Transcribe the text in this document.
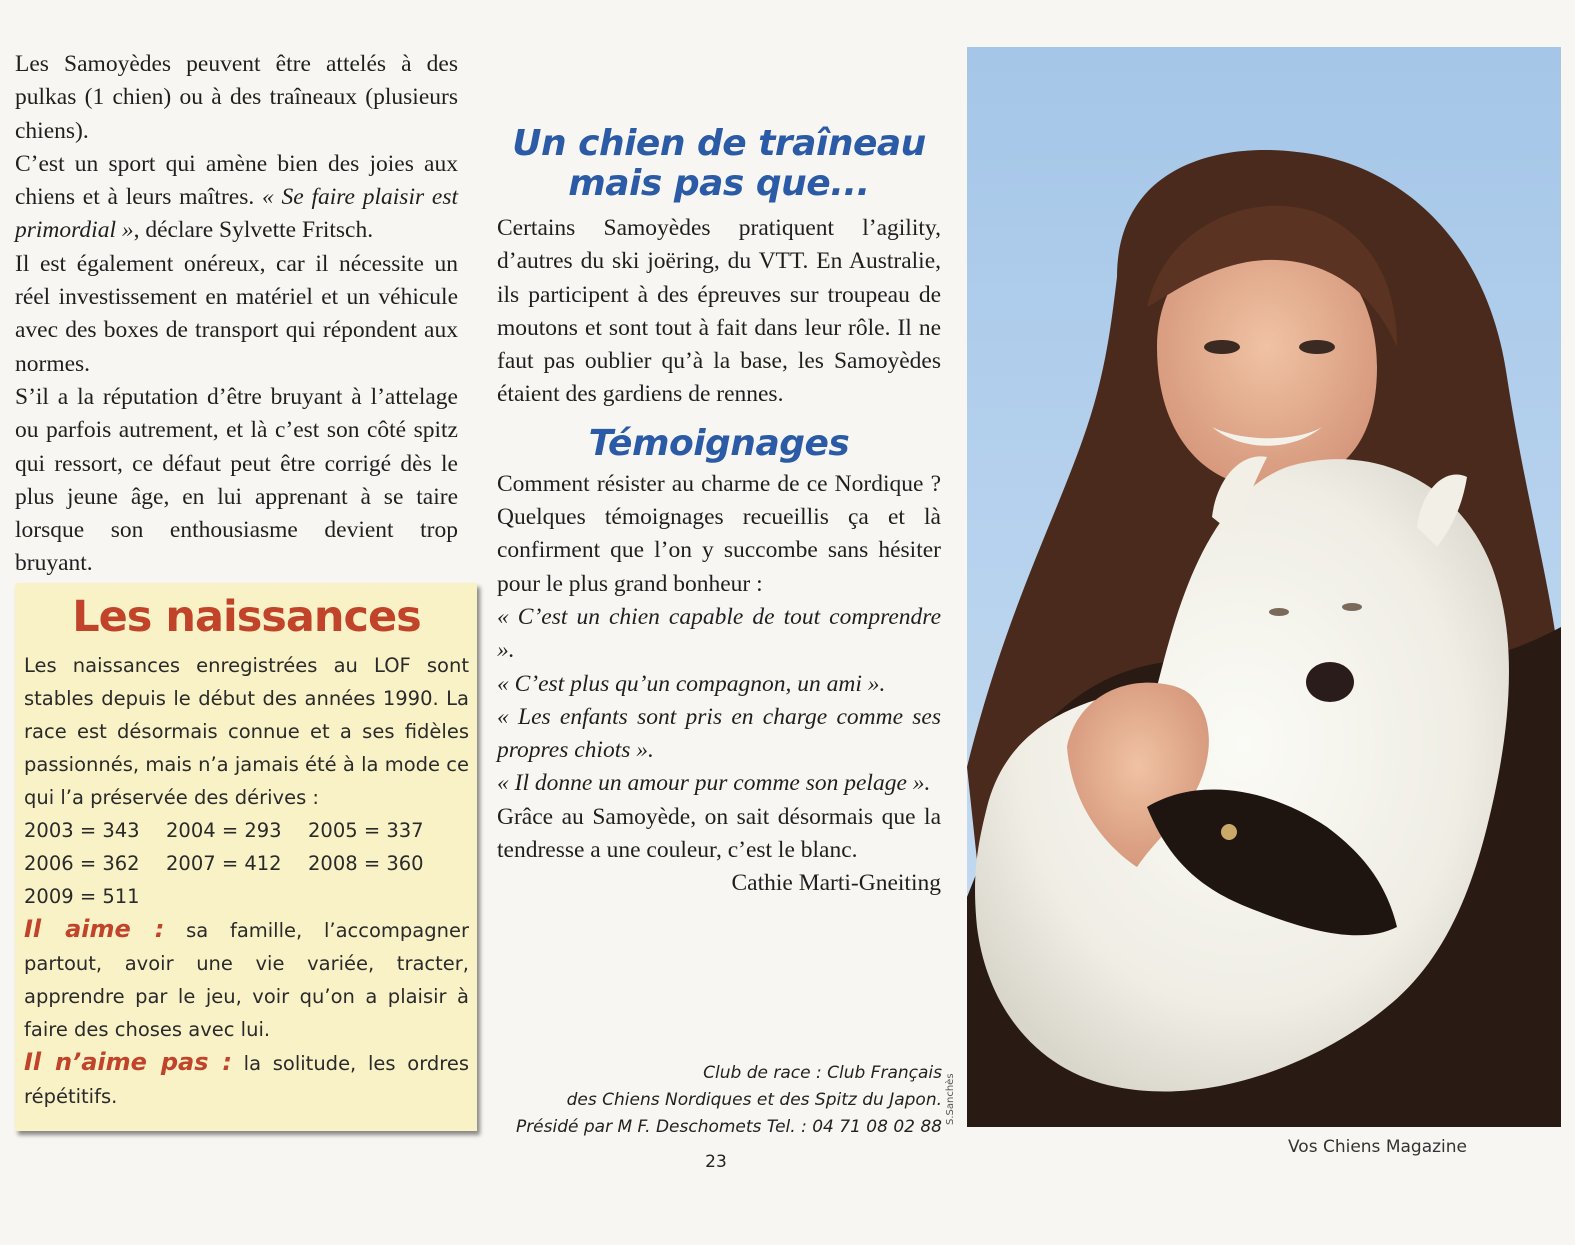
Les Samoyèdes peuvent être attelés à des pulkas (1 chien) ou à des traîneaux (plusieurs chiens).

C’est un sport qui amène bien des joies aux chiens et à leurs maîtres. « Se faire plaisir est primordial », déclare Sylvette Fritsch.

Il est également onéreux, car il nécessite un réel investissement en matériel et un véhicule avec des boxes de transport qui répondent aux normes.

S’il a la réputation d’être bruyant à l’attelage ou parfois autrement, et là c’est son côté spitz qui ressort, ce défaut peut être corrigé dès le plus jeune âge, en lui apprenant à se taire lorsque son enthousiasme devient trop bruyant.

Les naissances

Les naissances enregistrées au LOF sont stables depuis le début des années 1990. La race est désormais connue et a ses fidèles passionnés, mais n’a jamais été à la mode ce qui l’a préservée des dérives :

2003 = 343	2004 = 293	2005 = 337
2006 = 362	2007 = 412	2008 = 360
2009 = 511

Il aime : sa famille, l’accompagner partout, avoir une vie variée, tracter, apprendre par le jeu, voir qu’on a plaisir à faire des choses avec lui.

Il n’aime pas : la solitude, les ordres répétitifs.

Un chien de traîneau mais pas que...

Certains Samoyèdes pratiquent l’agility, d’autres du ski joëring, du VTT. En Australie, ils participent à des épreuves sur troupeau de moutons et sont tout à fait dans leur rôle. Il ne faut pas oublier qu’à la base, les Samoyèdes étaient des gardiens de rennes.

Témoignages

Comment résister au charme de ce Nordique ? Quelques témoignages recueillis ça et là confirment que l’on y succombe sans hésiter pour le plus grand bonheur :

« C’est un chien capable de tout comprendre ».

« C’est plus qu’un compagnon, un ami ».

« Les enfants sont pris en charge comme ses propres chiots ».

« Il donne un amour pur comme son pelage ».

Grâce au Samoyède, on sait désormais que la tendresse a une couleur, c’est le blanc.

Cathie Marti-Gneiting

Club de race : Club Français
des Chiens Nordiques et des Spitz du Japon.
Présidé par M F. Deschomets Tel. : 04 71 08 02 88
23
S.Sanchès
Vos Chiens Magazine
